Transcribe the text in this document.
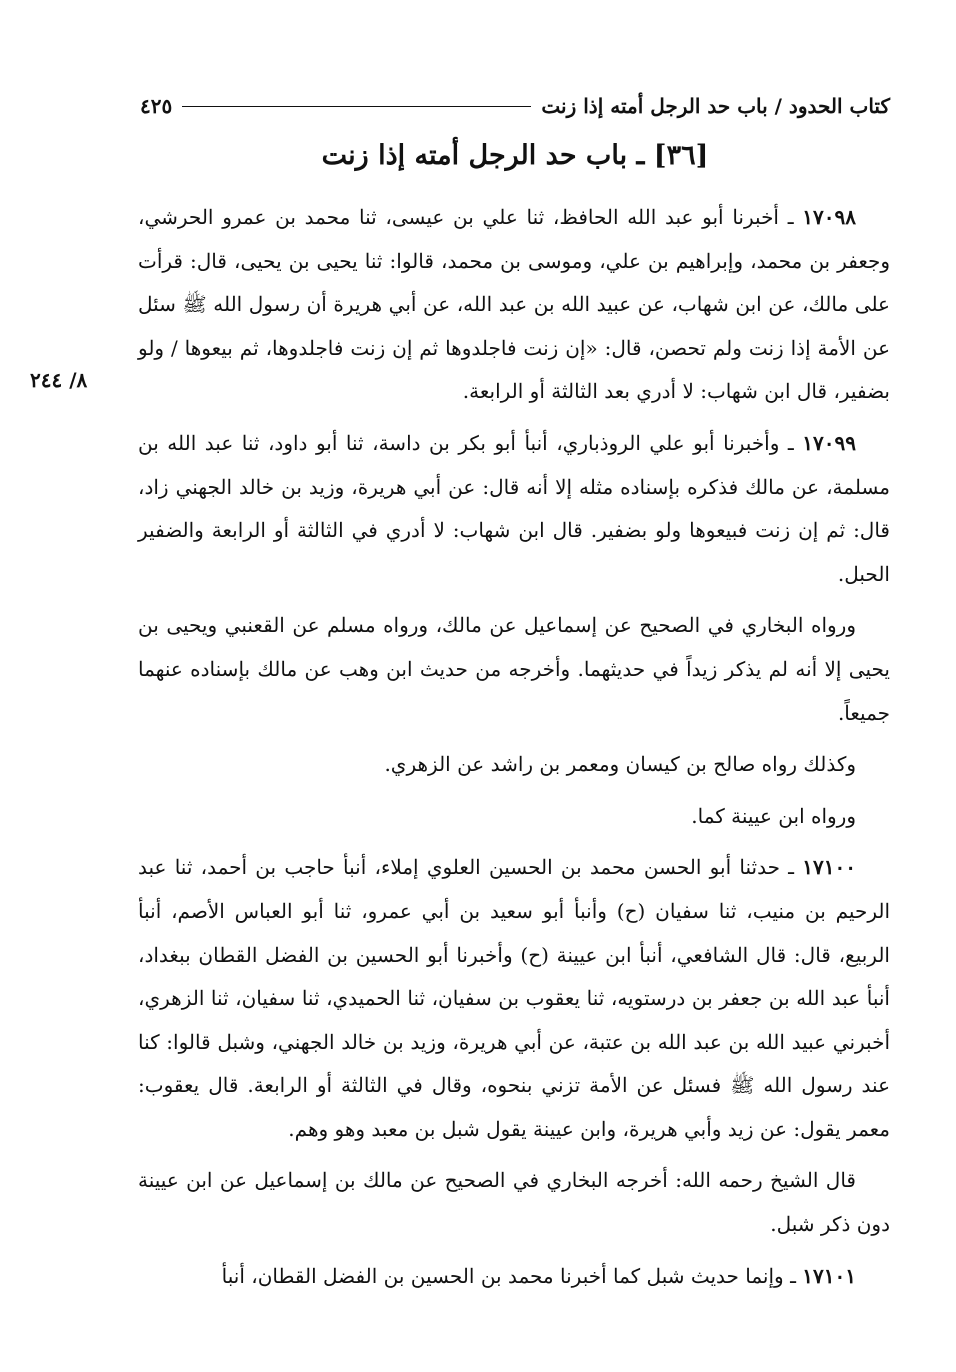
كتاب الحدود / باب حد الرجل أمته إذا زنت
٤٢٥
[٣٦] ـ باب حد الرجل أمته إذا زنت
٨/ ٢٤٤

١٧٠٩٨ ـ أخبرنا أبو عبد الله الحافظ، ثنا علي بن عيسى، ثنا محمد بن عمرو الحرشي، وجعفر بن محمد، وإبراهيم بن علي، وموسى بن محمد، قالوا: ثنا يحيى بن يحيى، قال: قرأت على مالك، عن ابن شهاب، عن عبيد الله بن عبد الله، عن أبي هريرة أن رسول الله ﷺ سئل عن الأمة إذا زنت ولم تحصن، قال: «إن زنت فاجلدوها ثم إن زنت فاجلدوها، ثم بيعوها / ولو بضفير، قال ابن شهاب: لا أدري بعد الثالثة أو الرابعة.

١٧٠٩٩ ـ وأخبرنا أبو علي الروذباري، أنبأ أبو بكر بن داسة، ثنا أبو داود، ثنا عبد الله بن مسلمة، عن مالك فذكره بإسناده مثله إلا أنه قال: عن أبي هريرة، وزيد بن خالد الجهني زاد، قال: ثم إن زنت فبيعوها ولو بضفير. قال ابن شهاب: لا أدري في الثالثة أو الرابعة والضفير الحبل.

ورواه البخاري في الصحيح عن إسماعيل عن مالك، ورواه مسلم عن القعنبي ويحيى بن يحيى إلا أنه لم يذكر زيداً في حديثهما. وأخرجه من حديث ابن وهب عن مالك بإسناده عنهما جميعاً.

وكذلك رواه صالح بن كيسان ومعمر بن راشد عن الزهري.

ورواه ابن عيينة كما.

١٧١٠٠ ـ حدثنا أبو الحسن محمد بن الحسين العلوي إملاء، أنبأ حاجب بن أحمد، ثنا عبد الرحيم بن منيب، ثنا سفيان (ح) وأنبأ أبو سعيد بن أبي عمرو، ثنا أبو العباس الأصم، أنبأ الربيع، قال: قال الشافعي، أنبأ ابن عيينة (ح) وأخبرنا أبو الحسين بن الفضل القطان ببغداد، أنبأ عبد الله بن جعفر بن درستويه، ثنا يعقوب بن سفيان، ثنا الحميدي، ثنا سفيان، ثنا الزهري، أخبرني عبيد الله بن عبد الله بن عتبة، عن أبي هريرة، وزيد بن خالد الجهني، وشبل قالوا: كنا عند رسول الله ﷺ فسئل عن الأمة تزني بنحوه، وقال في الثالثة أو الرابعة. قال يعقوب: معمر يقول: عن زيد وأبي هريرة، وابن عيينة يقول شبل بن معبد وهو وهم.

قال الشيخ رحمه الله: أخرجه البخاري في الصحيح عن مالك بن إسماعيل عن ابن عيينة دون ذكر شبل.

١٧١٠١ ـ وإنما حديث شبل كما أخبرنا محمد بن الحسين بن الفضل القطان، أنبأ
